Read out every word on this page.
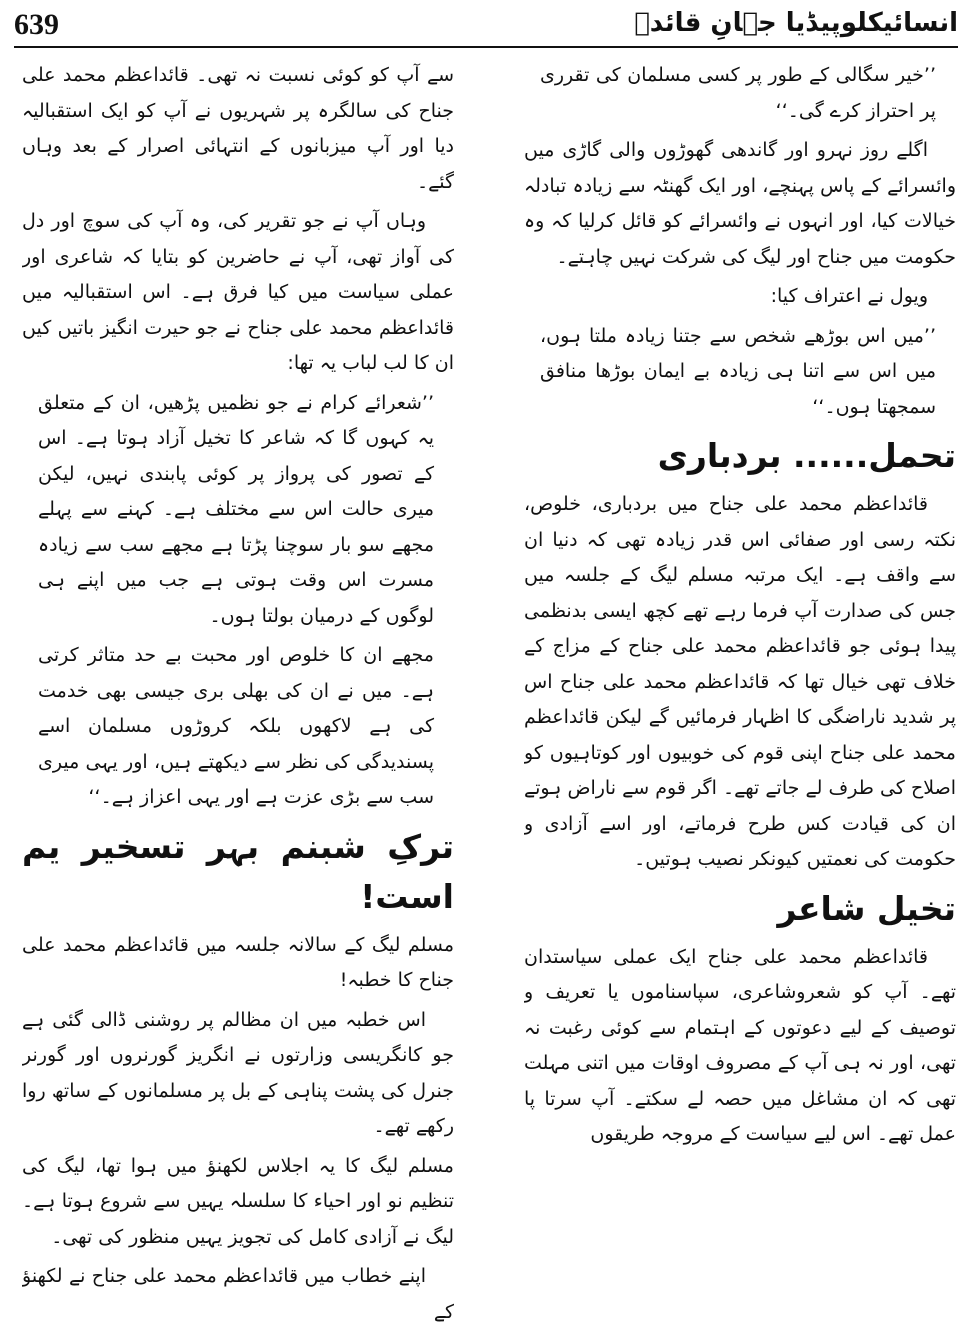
639	انسائیکلوپیڈیا جہانِ قائدؒ

’’خیر سگالی کے طور پر کسی مسلمان کی تقرری پر احتراز کرے گی۔‘‘

اگلے روز نہرو اور گاندھی گھوڑوں والی گاڑی میں وائسرائے کے پاس پہنچے، اور ایک گھنٹہ سے زیادہ تبادلہ خیالات کیا، اور انہوں نے وائسرائے کو قائل کرلیا کہ وہ حکومت میں جناح اور لیگ کی شرکت نہیں چاہتے۔

ویول نے اعتراف کیا:

’’میں اس بوڑھے شخص سے جتنا زیادہ ملتا ہوں، میں اس سے اتنا ہی زیادہ بے ایمان بوڑھا منافق سمجھتا ہوں۔‘‘

تحمل...... بردباری

قائداعظم محمد علی جناح میں بردباری، خلوص، نکتہ رسی اور صفائی اس قدر زیادہ تھی کہ دنیا ان سے واقف ہے۔ ایک مرتبہ مسلم لیگ کے جلسہ میں جس کی صدارت آپ فرما رہے تھے کچھ ایسی بدنظمی پیدا ہوئی جو قائداعظم محمد علی جناح کے مزاج کے خلاف تھی خیال تھا کہ قائداعظم محمد علی جناح اس پر شدید ناراضگی کا اظہار فرمائیں گے لیکن قائداعظم محمد علی جناح اپنی قوم کی خوبیوں اور کوتاہیوں کو اصلاح کی طرف لے جاتے تھے۔ اگر قوم سے ناراض ہوتے ان کی قیادت کس طرح فرماتے، اور اسے آزادی و حکومت کی نعمتیں کیونکر نصیب ہوتیں۔

تخیل شاعر

قائداعظم محمد علی جناح ایک عملی سیاستدان تھے۔ آپ کو شعروشاعری، سپاسناموں یا تعریف و توصیف کے لیے دعوتوں کے اہتمام سے کوئی رغبت نہ تھی، اور نہ ہی آپ کے مصروف اوقات میں اتنی مہلت تھی کہ ان مشاغل میں حصہ لے سکتے۔ آپ سرتا پا عمل تھے۔ اس لیے سیاست کے مروجہ طریقوں

سے آپ کو کوئی نسبت نہ تھی۔ قائداعظم محمد علی جناح کی سالگرہ پر شہریوں نے آپ کو ایک استقبالیہ دیا اور آپ میزبانوں کے انتہائی اصرار کے بعد وہاں گئے۔

وہاں آپ نے جو تقریر کی، وہ آپ کی سوچ اور دل کی آواز تھی، آپ نے حاضرین کو بتایا کہ شاعری اور عملی سیاست میں کیا فرق ہے۔ اس استقبالیہ میں قائداعظم محمد علی جناح نے جو حیرت انگیز باتیں کیں ان کا لب لباب یہ تھا:

’’شعرائے کرام نے جو نظمیں پڑھیں، ان کے متعلق یہ کہوں گا کہ شاعر کا تخیل آزاد ہوتا ہے۔ اس کے تصور کی پرواز پر کوئی پابندی نہیں، لیکن میری حالت اس سے مختلف ہے۔ کہنے سے پہلے مجھے سو بار سوچنا پڑتا ہے مجھے سب سے زیادہ مسرت اس وقت ہوتی ہے جب میں اپنے ہی لوگوں کے درمیان بولتا ہوں۔

مجھے ان کا خلوص اور محبت بے حد متاثر کرتی ہے۔ میں نے ان کی بھلی بری جیسی بھی خدمت کی ہے لاکھوں بلکہ کروڑوں مسلمان اسے پسندیدگی کی نظر سے دیکھتے ہیں، اور یہی میری سب سے بڑی عزت ہے اور یہی اعزاز ہے۔‘‘

ترکِ شبنم بہر تسخیر یم است!

مسلم لیگ کے سالانہ جلسہ میں قائداعظم محمد علی جناح کا خطبہ!

اس خطبہ میں ان مظالم پر روشنی ڈالی گئی ہے جو کانگریسی وزارتوں نے انگریز گورنروں اور گورنر جنرل کی پشت پناہی کے بل پر مسلمانوں کے ساتھ روا رکھے تھے۔

مسلم لیگ کا یہ اجلاس لکھنؤ میں ہوا تھا، لیگ کی تنظیم نو اور احیاء کا سلسلہ یہیں سے شروع ہوتا ہے۔ لیگ نے آزادی کامل کی تجویز یہیں منظور کی تھی۔

اپنے خطاب میں قائداعظم محمد علی جناح نے لکھنؤ کے
